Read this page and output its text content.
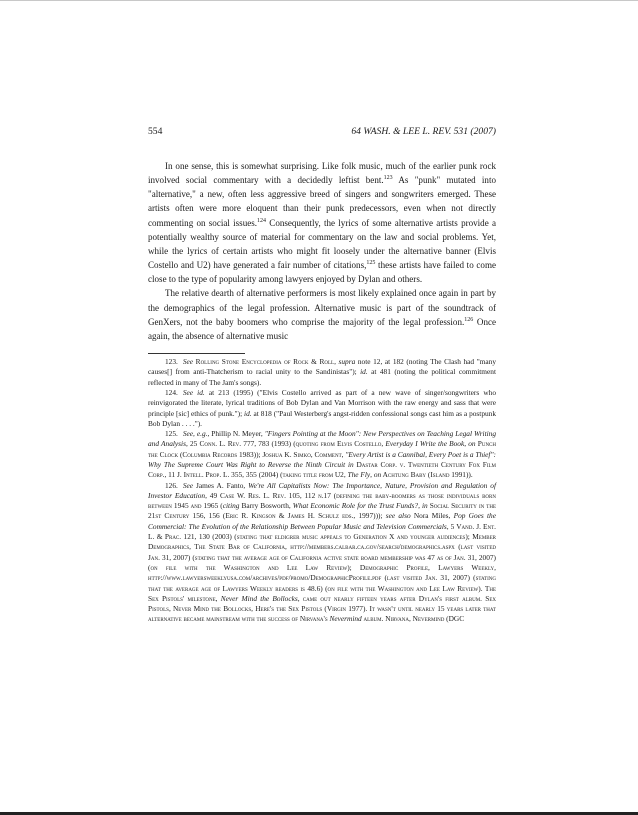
554	64 WASH. & LEE L. REV. 531 (2007)

In one sense, this is somewhat surprising. Like folk music, much of the earlier punk rock involved social commentary with a decidedly leftist bent.$^{123}$ As "punk" mutated into "alternative," a new, often less aggressive breed of singers and songwriters emerged. These artists often were more eloquent than their punk predecessors, even when not directly commenting on social issues.$^{124}$ Consequently, the lyrics of some alternative artists provide a potentially wealthy source of material for commentary on the law and social problems. Yet, while the lyrics of certain artists who might fit loosely under the alternative banner (Elvis Costello and U2) have generated a fair number of citations,$^{125}$ these artists have failed to come close to the type of popularity among lawyers enjoyed by Dylan and others.

The relative dearth of alternative performers is most likely explained once again in part by the demographics of the legal profession. Alternative music is part of the soundtrack of GenXers, not the baby boomers who comprise the majority of the legal profession.$^{126}$ Once again, the absence of alternative music

123. See Rolling Stone Encyclopedia of Rock & Roll, supra note 12, at 182 (noting The Clash had "many causes[] from anti-Thatcherism to racial unity to the Sandinistas"); id. at 481 (noting the political commitment reflected in many of The Jam's songs).

124. See id. at 213 (1995) ("Elvis Costello arrived as part of a new wave of singer/songwriters who reinvigorated the literate, lyrical traditions of Bob Dylan and Van Morrison with the raw energy and sass that were principle [sic] ethics of punk."); id. at 818 ("Paul Westerberg's angst-ridden confessional songs cast him as a postpunk Bob Dylan . . . .").

125. See, e.g., Phillip N. Meyer, "Fingers Pointing at the Moon": New Perspectives on Teaching Legal Writing and Analysis, 25 Conn. L. Rev. 777, 783 (1993) (quoting from Elvis Costello, Everyday I Write the Book, on Punch the Clock (Columbia Records 1983)); Joshua K. Simko, Comment, "Every Artist is a Cannibal, Every Poet is a Thief": Why The Supreme Court Was Right to Reverse the Ninth Circuit in Dastar Corp. v. Twentieth Century Fox Film Corp., 11 J. Intell. Prop. L. 355, 355 (2004) (taking title from U2, The Fly, on Achtung Baby (Island 1991)).

126. See James A. Fanto, We're All Capitalists Now: The Importance, Nature, Provision and Regulation of Investor Education, 49 Case W. Res. L. Rev. 105, 112 n.17 (defining the baby-boomers as those individuals born between 1945 and 1965 (citing Barry Bosworth, What Economic Role for the Trust Funds?, in Social Security in the 21st Century 156, 156 (Eric R. Kingson & James H. Schulz eds., 1997))); see also Nora Miles, Pop Goes the Commercial: The Evolution of the Relationship Between Popular Music and Television Commercials, 5 Vand. J. Ent. L. & Prac. 121, 130 (2003) (stating that eldigrer music appeals to Generation X and younger audiences); Member Demographics, The State Bar of California, http://members.calbar.ca.gov/search/demographics.aspx (last visited Jan. 31, 2007) (stating that the average age of California active state board membership was 47 as of Jan. 31, 2007) (on file with the Washington and Lee Law Review); Demographic Profile, Lawyers Weekly, http://www.lawyersweeklyusa.com/archives/pdf/promo/DemographicProfile.pdf (last visited Jan. 31, 2007) (stating that the average age of Lawyers Weekly readers is 48.6) (on file with the Washington and Lee Law Review). The Sex Pistols' milestone, Never Mind the Bollocks, came out nearly fifteen years after Dylan's first album. Sex Pistols, Never Mind the Bollocks, Here's the Sex Pistols (Virgin 1977). It wasn't until nearly 15 years later that alternative became mainstream with the success of Nirvana's Nevermind album. Nirvana, Nevermind (DGC
